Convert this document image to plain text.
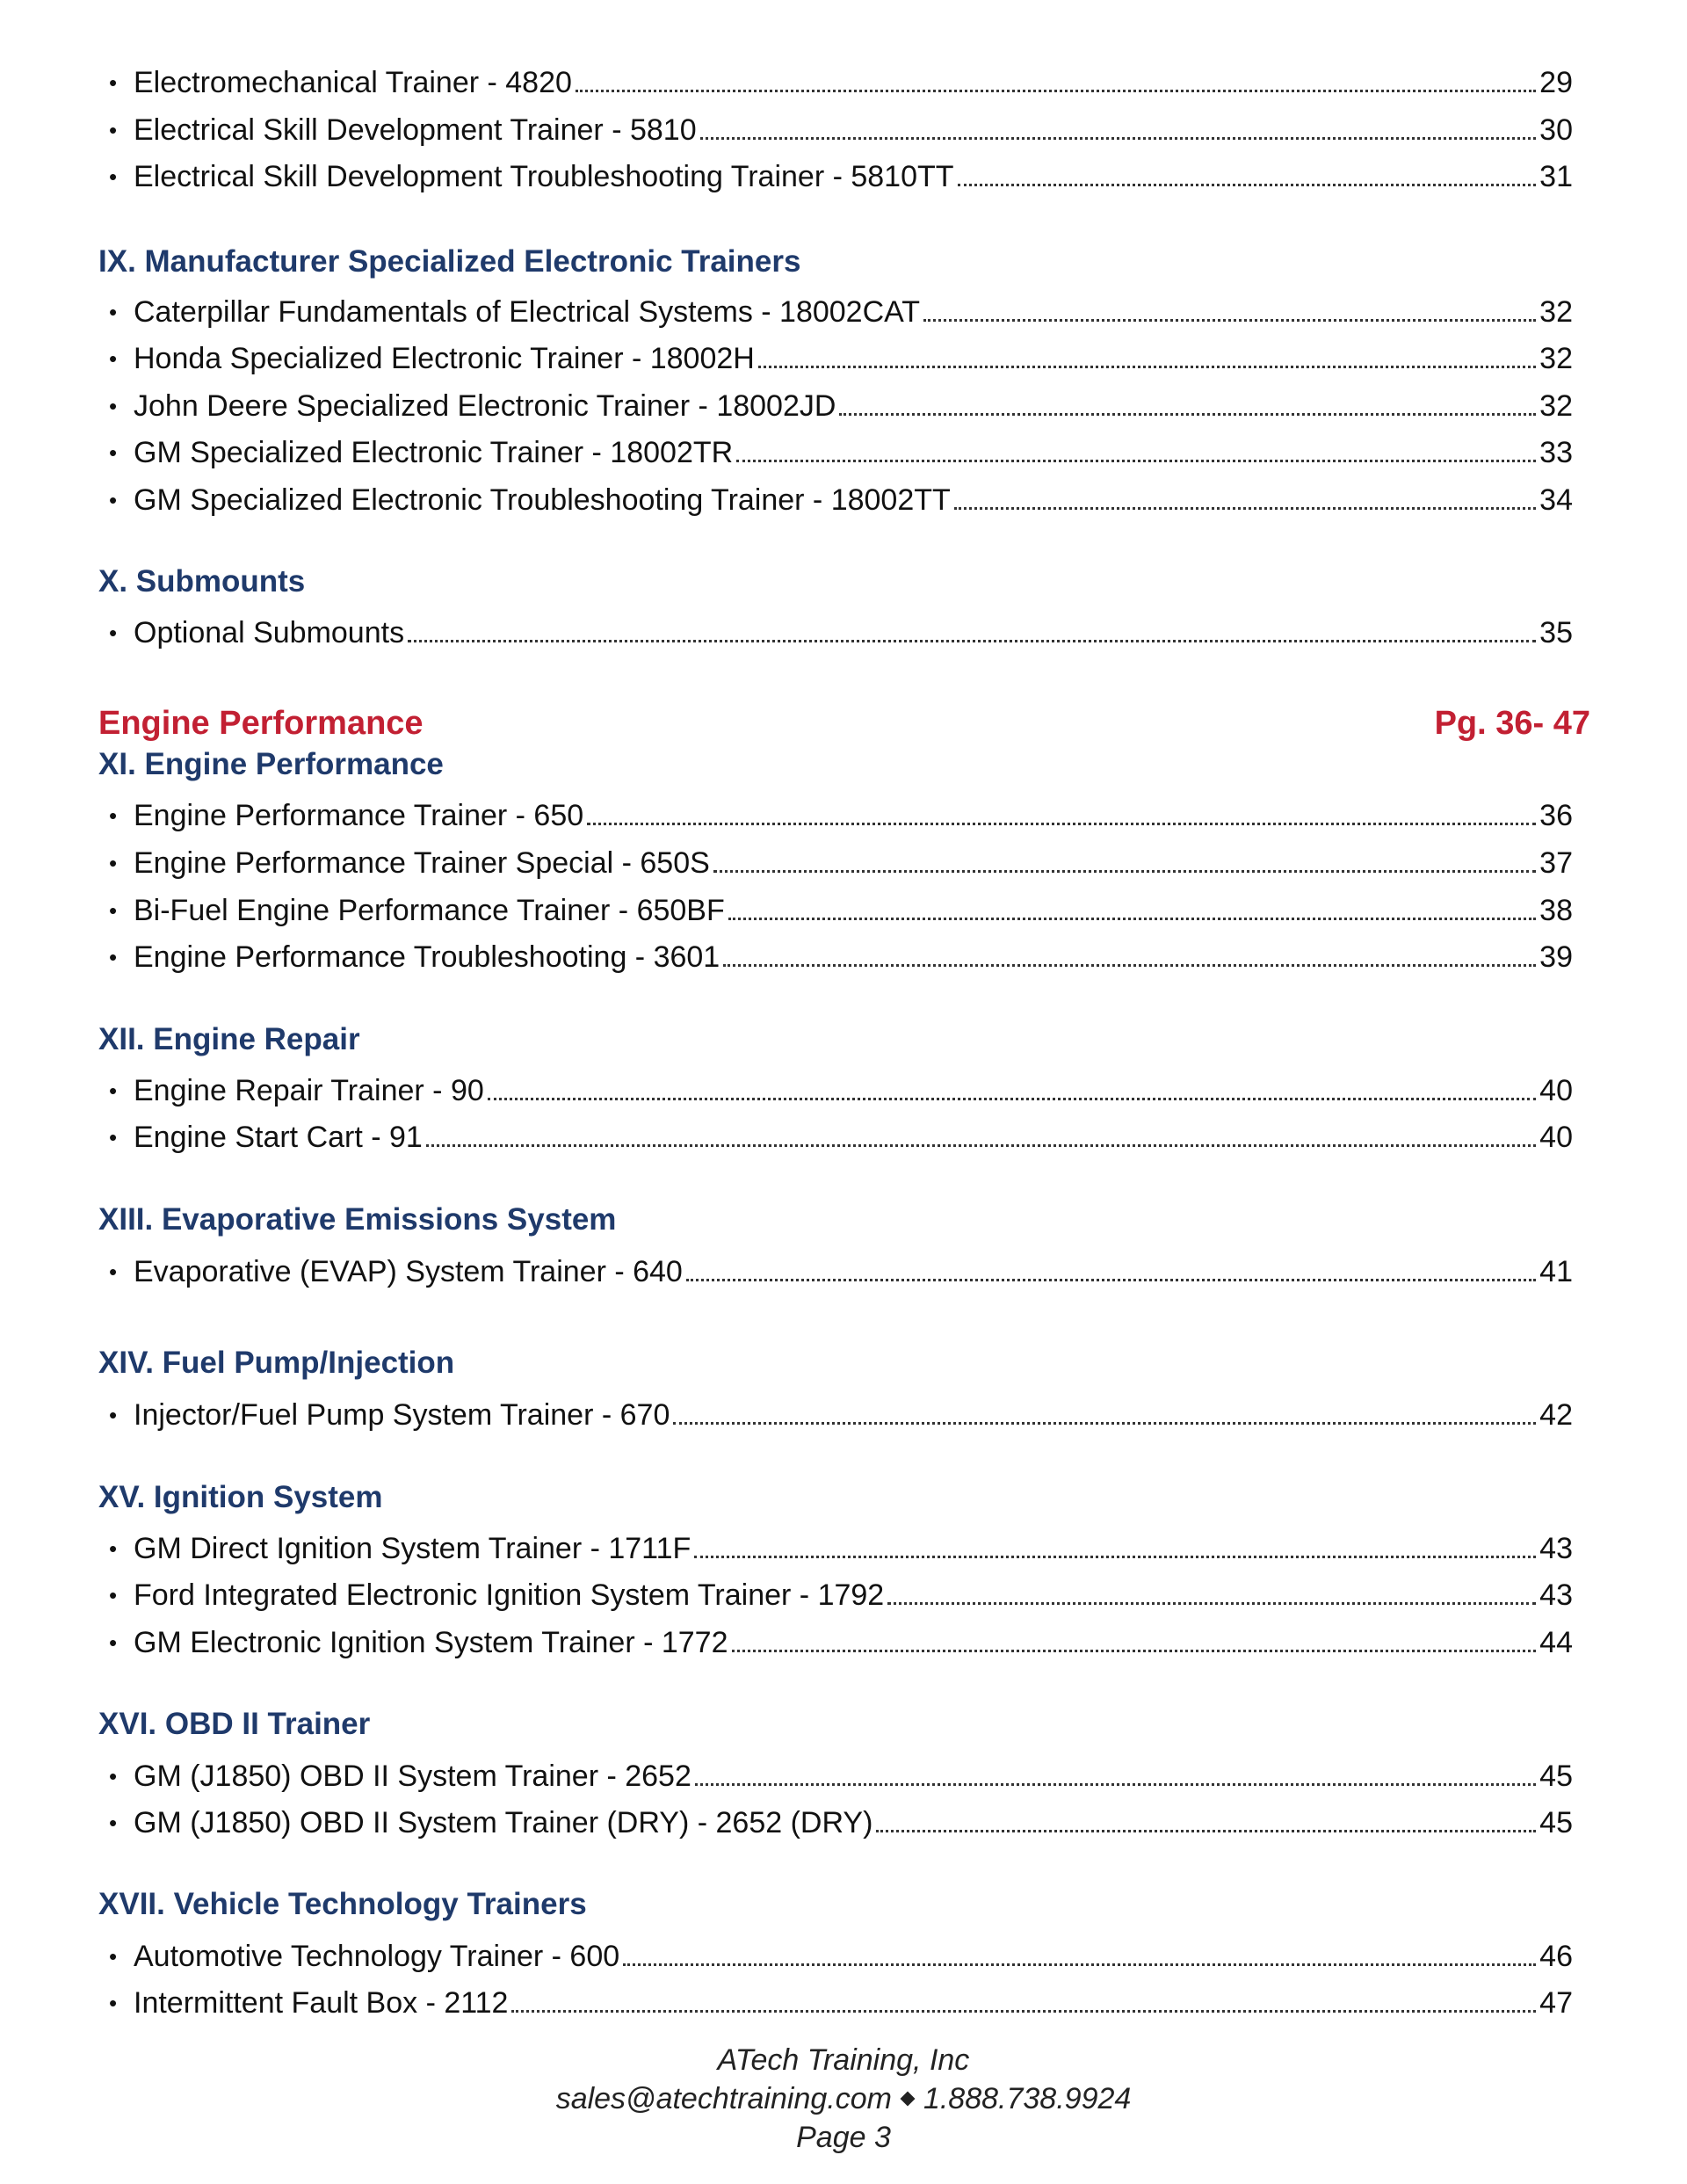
• Electromechanical Trainer - 4820	29
• Electrical Skill Development Trainer - 5810	30
• Electrical Skill Development Troubleshooting Trainer - 5810TT	31
IX. Manufacturer Specialized Electronic Trainers
• Caterpillar Fundamentals of Electrical Systems - 18002CAT	32
• Honda Specialized Electronic Trainer - 18002H	32
• John Deere Specialized Electronic Trainer - 18002JD	32
• GM Specialized Electronic Trainer - 18002TR	33
• GM Specialized Electronic Troubleshooting Trainer - 18002TT	34
X. Submounts
• Optional Submounts	35
Engine Performance	Pg. 36- 47
XI. Engine Performance
• Engine Performance Trainer - 650	36
• Engine Performance Trainer Special - 650S	37
• Bi-Fuel Engine Performance Trainer - 650BF	38
• Engine Performance Troubleshooting - 3601	39
XII. Engine Repair
• Engine Repair Trainer - 90	40
• Engine Start Cart - 91	40
XIII. Evaporative Emissions System
• Evaporative (EVAP) System Trainer - 640	41
XIV. Fuel Pump/Injection
• Injector/Fuel Pump System Trainer - 670	42
XV. Ignition System
• GM Direct Ignition System Trainer - 1711F	43
• Ford Integrated Electronic Ignition System Trainer - 1792	43
• GM Electronic Ignition System Trainer - 1772	44
XVI. OBD II Trainer
• GM (J1850) OBD II System Trainer - 2652	45
• GM (J1850) OBD II System Trainer (DRY) - 2652 (DRY)	45
XVII. Vehicle Technology Trainers
• Automotive Technology Trainer - 600	46
• Intermittent Fault Box - 2112	47
ATech Training, Inc
sales@atechtraining.com 1.888.738.9924
Page 3
